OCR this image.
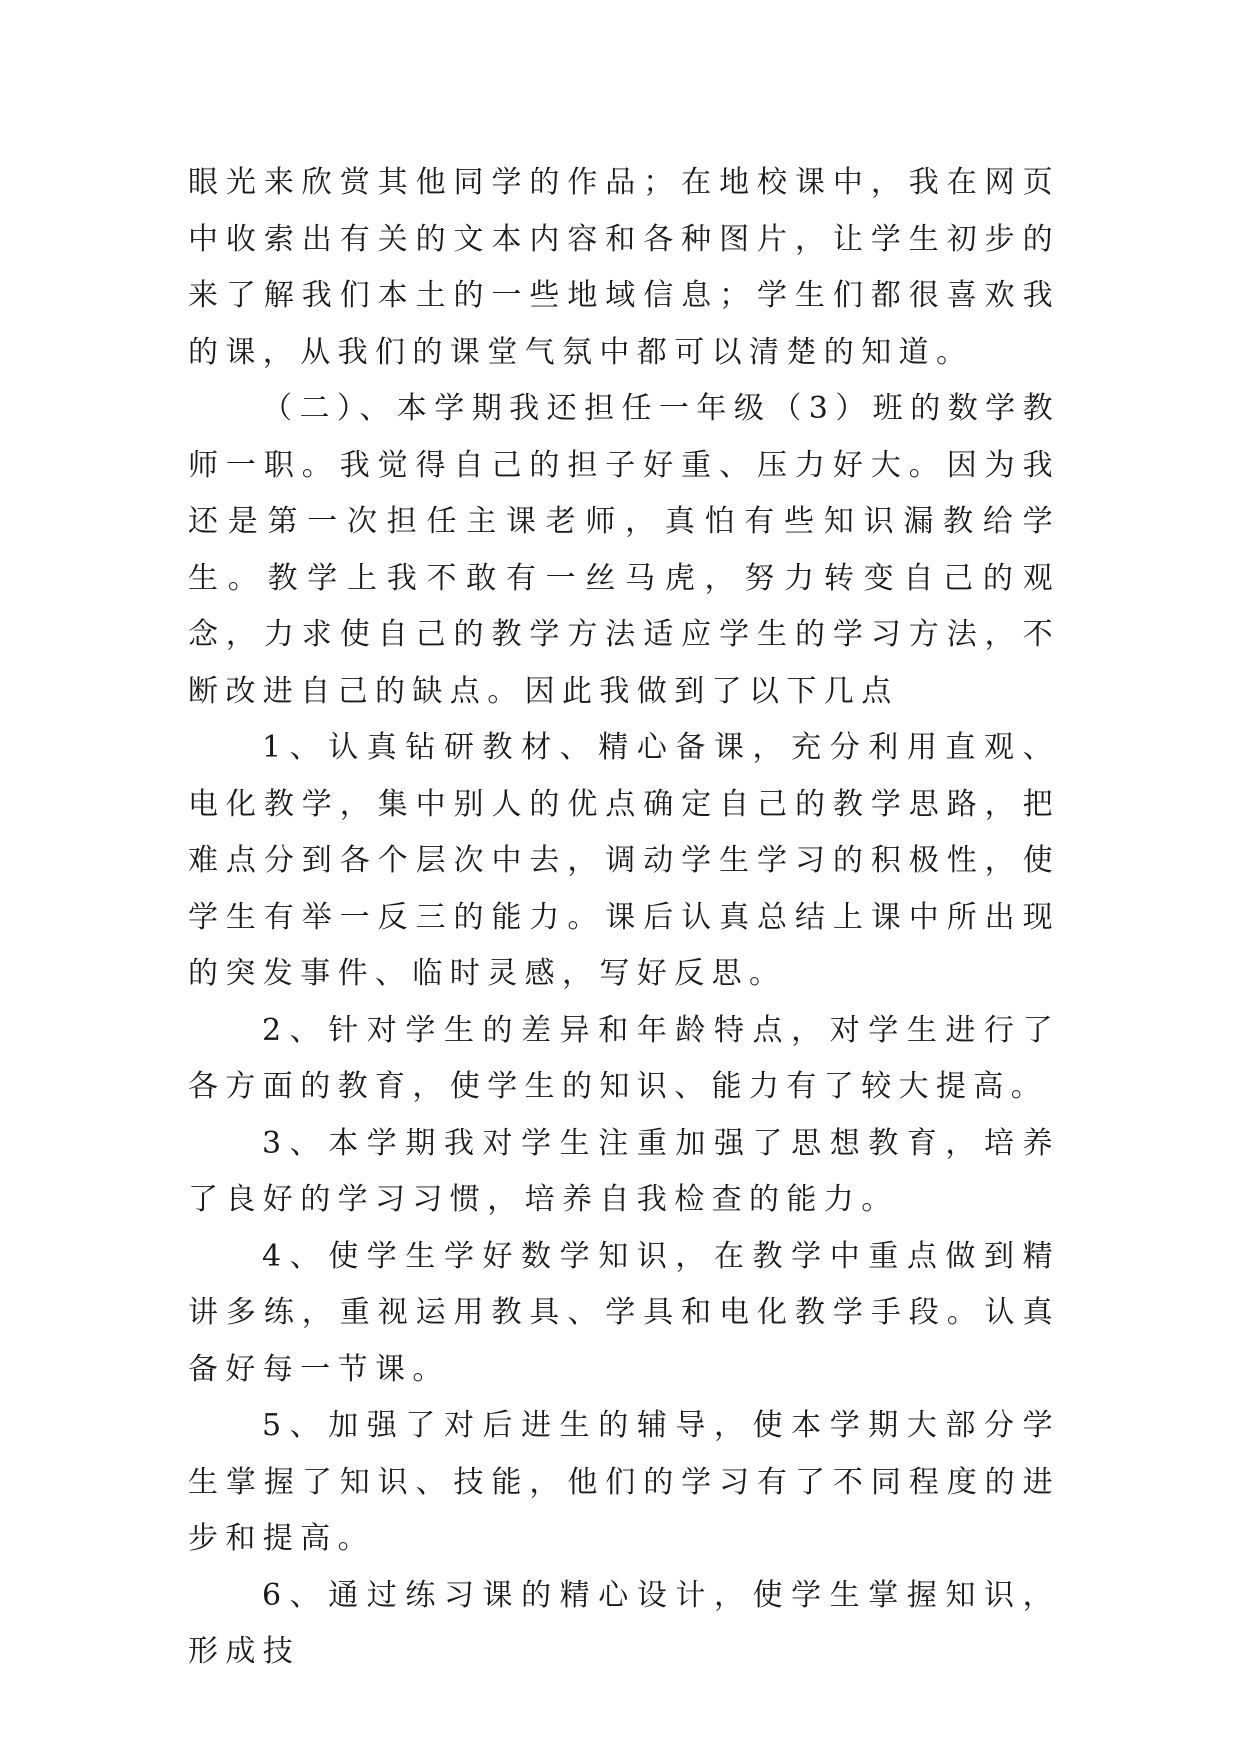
眼光来欣赏其他同学的作品；在地校课中，我在网页中收索出有关的文本内容和各种图片，让学生初步的来了解我们本土的一些地域信息；学生们都很喜欢我的课，从我们的课堂气氛中都可以清楚的知道。

（二）、本学期我还担任一年级（3）班的数学教师一职。我觉得自己的担子好重、压力好大。因为我还是第一次担任主课老师，真怕有些知识漏教给学生。教学上我不敢有一丝马虎，努力转变自己的观念，力求使自己的教学方法适应学生的学习方法，不断改进自己的缺点。因此我做到了以下几点

1、认真钻研教材、精心备课，充分利用直观、电化教学，集中别人的优点确定自己的教学思路，把难点分到各个层次中去，调动学生学习的积极性，使学生有举一反三的能力。课后认真总结上课中所出现的突发事件、临时灵感，写好反思。

2、针对学生的差异和年龄特点，对学生进行了各方面的教育，使学生的知识、能力有了较大提高。

3、本学期我对学生注重加强了思想教育，培养了良好的学习习惯，培养自我检查的能力。

4、使学生学好数学知识，在教学中重点做到精讲多练，重视运用教具、学具和电化教学手段。认真备好每一节课。

5、加强了对后进生的辅导，使本学期大部分学生掌握了知识、技能，他们的学习有了不同程度的进步和提高。

6、通过练习课的精心设计，使学生掌握知识，形成技
